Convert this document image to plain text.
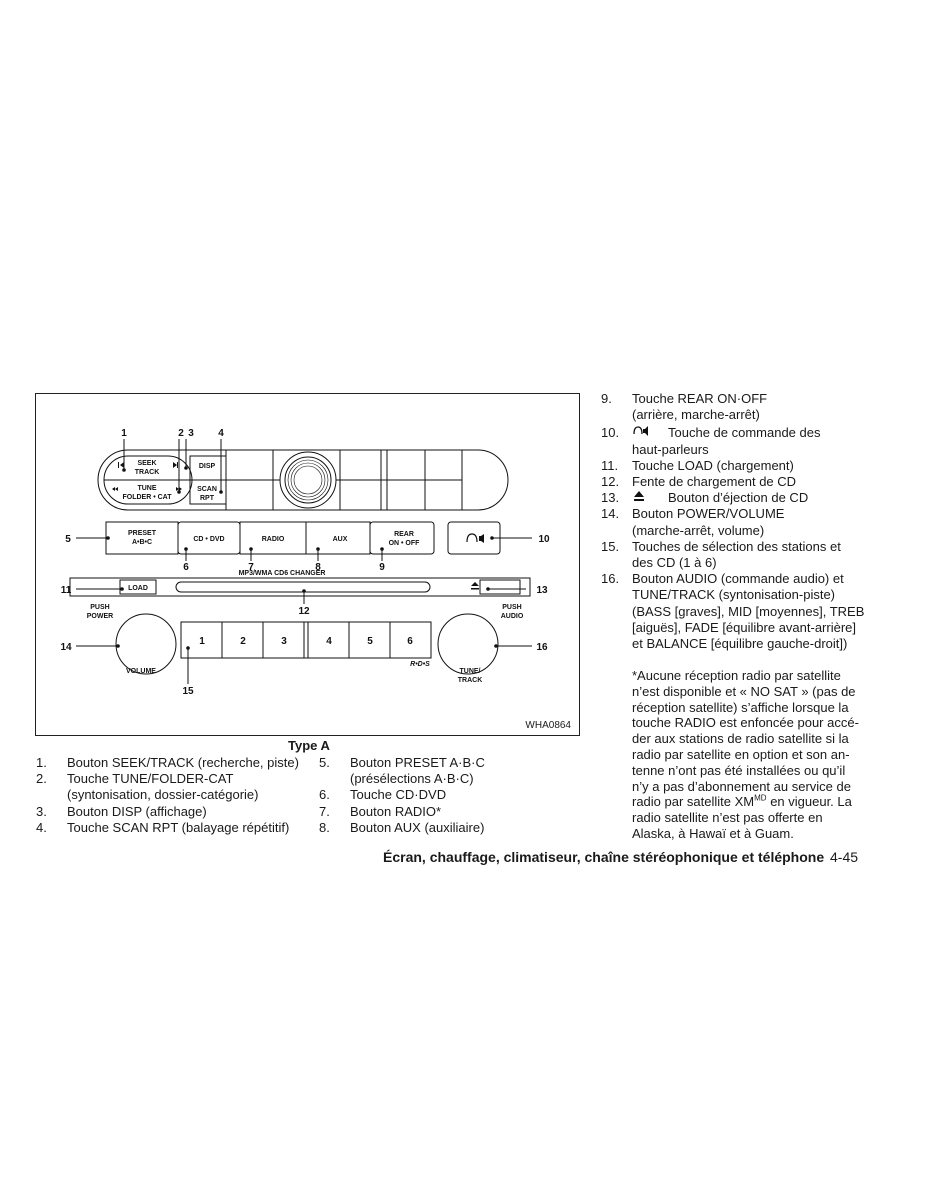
SEEK
TRACK
TUNE
FOLDER • CAT
DISP
SCAN
RPT
PRESET
A•B•C	CD • DVD	RADIO	AUX
REAR
ON • OFF
MP3/WMA CD6 CHANGER
LOAD
PUSH
POWER
PUSH
AUDIO
VOLUME	TUNE/
TRACK
R•D•S
1	2	3	4	5	6
1	2 3 4
5
6	7	8	9
10
11
12
13
14
15
16
WHA0864
Type A
1. Bouton SEEK/TRACK (recherche, piste)
2. Touche TUNE/FOLDER-CAT
(syntonisation, dossier-catégorie)
3. Bouton DISP (affichage)
4. Touche SCAN RPT (balayage répétitif)
5. Bouton PRESET A·B·C
(présélections A·B·C)
6. Touche CD·DVD
7. Bouton RADIO*
8. Bouton AUX (auxiliaire)
9. Touche REAR ON·OFF
(arrière, marche-arrêt)
10.	Touche de commande des
haut-parleurs
11. Touche LOAD (chargement)
12. Fente de chargement de CD
13.	Bouton d’éjection de CD
14. Bouton POWER/VOLUME
(marche-arrêt, volume)
15. Touches de sélection des stations et
des CD (1 à 6)
16. Bouton AUDIO (commande audio) et
TUNE/TRACK (syntonisation-piste)
(BASS [graves], MID [moyennes], TREB
[aiguës], FADE [équilibre avant-arrière]
et BALANCE [équilibre gauche-droit])
*Aucune réception radio par satellite
n’est disponible et « NO SAT » (pas de
réception satellite) s’affiche lorsque la
touche RADIO est enfoncée pour accé-
der aux stations de radio satellite si la
radio par satellite en option et son an-
tenne n’ont pas été installées ou qu’il
n’y a pas d’abonnement au service de
radio par satellite $XM^{MD}$ en vigueur. La
radio satellite n’est pas offerte en
Alaska, à Hawaï et à Guam.
Écran, chauffage, climatiseur, chaîne stéréophonique et téléphone 4-45
